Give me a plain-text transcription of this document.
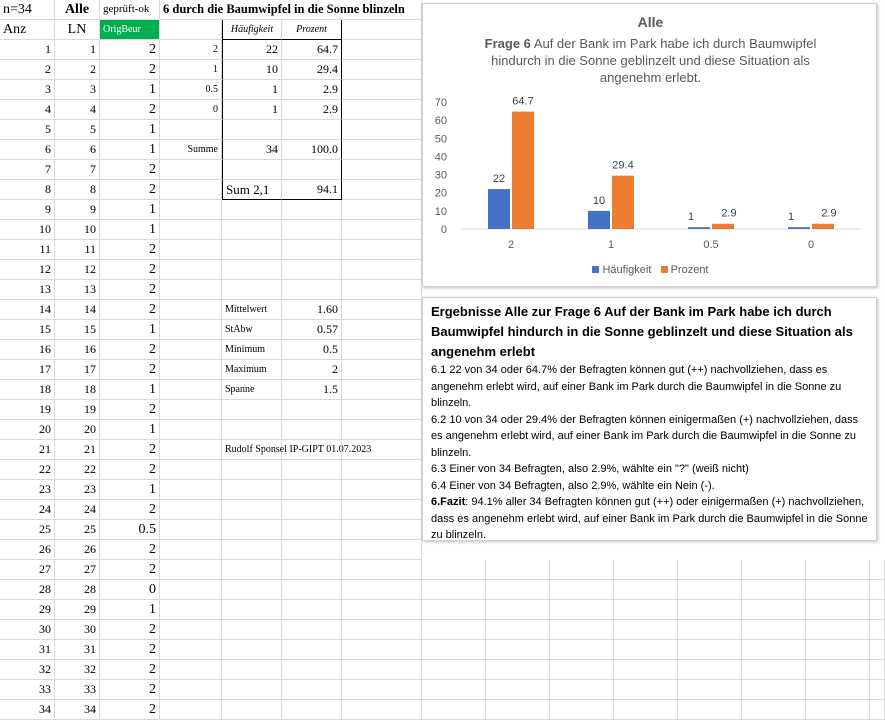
n=34	Alle	geprüft-ok	6 durch die Baumwipfel in die Sonne blinzeln
Anz	LN	OrigBeur	Häufigkeit	Prozent
1	1	2	2	22	64.7
2	2	2	1	10	29.4
3	3	1	0.5	1	2.9
4	4	2	0	1	2.9
5	5	1
6	6	1	Summe	34	100.0
7	7	2
8	8	2	Sum 2,1	94.1
9	9	1
10	10	1
11	11	2
12	12	2
13	13	2
14	14	2	Mittelwert	1.60
15	15	1	StAbw	0.57
16	16	2	Minimum	0.5
17	17	2	Maximum	2
18	18	1	Spanne	1.5
19	19	2
20	20	1
21	21	2	Rudolf Sponsel IP-GIPT 01.07.2023
22	22	2
23	23	1
24	24	2
25	25	0.5
26	26	2
27	27	2
28	28	0
29	29	1
30	30	2
31	31	2
32	32	2
33	33	2
34	34	2
Alle
Frage 6 Auf der Bank im Park habe ich durch Baumwipfel hindurch in die Sonne geblinzelt und diese Situation als angenehm erlebt.
0
10
20
30
40
50
60
70
22
64.7
2
10
29.4
1
1 2.9
0.5
1 2.9
0
Häufigkeit Prozent

Ergebnisse Alle zur Frage 6 Auf der Bank im Park habe ich durch Baumwipfel hindurch in die Sonne geblinzelt und diese Situation als angenehm erlebt

6.1 22 von 34 oder 64.7% der Befragten können gut (++) nachvollziehen, dass es angenehm erlebt wird, auf einer Bank im Park durch die Baumwipfel in die Sonne zu blinzeln.

6.2 10 von 34 oder 29.4% der Befragten können einigermaßen (+) nachvollziehen, dass es angenehm erlebt wird, auf einer Bank im Park durch die Baumwipfel in die Sonne zu blinzeln.

6.3 Einer von 34 Befragten, also 2.9%, wählte ein "?" (weiß nicht)

6.4 Einer von 34 Befragten, also 2.9%, wählte ein Nein (-).

6.Fazit: 94.1% aller 34 Befragten können gut (++) oder einigermaßen (+) nachvollziehen, dass es angenehm erlebt wird, auf einer Bank im Park durch die Baumwipfel in die Sonne zu blinzeln.
